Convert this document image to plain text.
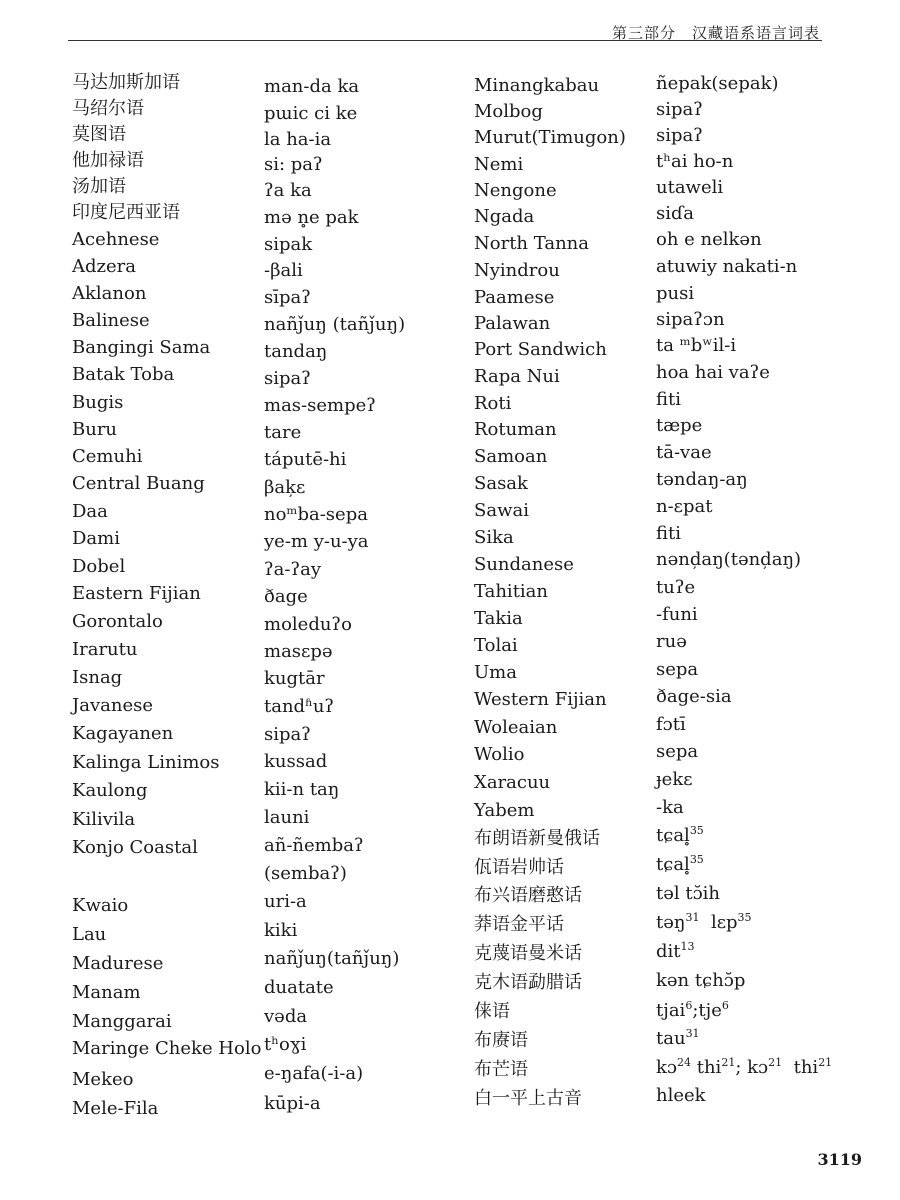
第三部分　汉藏语系语言词表
马达加斯加语
马绍尔语
莫图语
他加禄语
汤加语
印度尼西亚语
Acehnese
Adzera
Aklanon
Balinese
Bangingi Sama
Batak Toba
Bugis
Buru
Cemuhi
Central Buang
Daa
Dami
Dobel
Eastern Fijian
Gorontalo
Irarutu
Isnag
Javanese
Kagayanen
Kalinga Linimos
Kaulong
Kilivila
Konjo Coastal
Kwaio
Lau
Madurese
Manam
Manggarai
Maringe Cheke Holo
Mekeo
Mele-Fila
man-da ka
pɯic ci ke
la ha-ia
si: paʔ
ʔa ka
mə n̥e pak
sipak
-βali
sīpaʔ
nañǰuŋ (tañǰuŋ)
tandaŋ
sipaʔ
mas-sempeʔ
tare
táputē-hi
βak̦ɛ
noᵐba-sepa
ye-m y-u-ya
ʔa-ʔay
ðage
moleduʔo
masɛpə
kugtār
tandʱuʔ
sipaʔ
kussad
kii-n taŋ
launi
añ-ñembaʔ
(sembaʔ)
uri-a
kiki
nañǰuŋ(tañǰuŋ)
duatate
vəda
tʰoɣi
e-ŋafa(-i-a)
kūpi-a
Minangkabau
Molbog
Murut(Timugon)
Nemi
Nengone
Ngada
North Tanna
Nyindrou
Paamese
Palawan
Port Sandwich
Rapa Nui
Roti
Rotuman
Samoan
Sasak
Sawai
Sika
Sundanese
Tahitian
Takia
Tolai
Uma
Western Fijian
Woleaian
Wolio
Xaracuu
Yabem
布朗语新曼俄话
佤语岩帅话
布兴语磨憨话
莽语金平话
克蔑语曼米话
克木语勐腊话
俫语
布赓语
布芒语
白一平上古音
ñepak(sepak)
sipaʔ
sipaʔ
tʰai ho-n
utaweli
siɗa
oh e nelkən
atuwiy nakati-n
pusi
sipaʔɔn
ta ᵐbʷil-i
hoa hai vaʔe
fiti
tæpe
tā-vae
təndaŋ-aŋ
n-ɛpat
fiti
nənd̦aŋ(tənd̦aŋ)
tuʔe
-funi
ruə
sepa
ðage-sia
fɔtī
sepa
ɟekɛ
-ka
tɕal̥$^{35}$
tɕal̥$^{35}$
təl tɔ̆ih
təŋ$^{31}$ lɛp$^{35}$
dit$^{13}$
kən tɕhɔ̆p
tjai$^6$;tje$^6$
tau$^{31}$
kɔ$^{24}$ thi$^{21}$; kɔ$^{21}$ thi$^{21}$
hleek
3119
